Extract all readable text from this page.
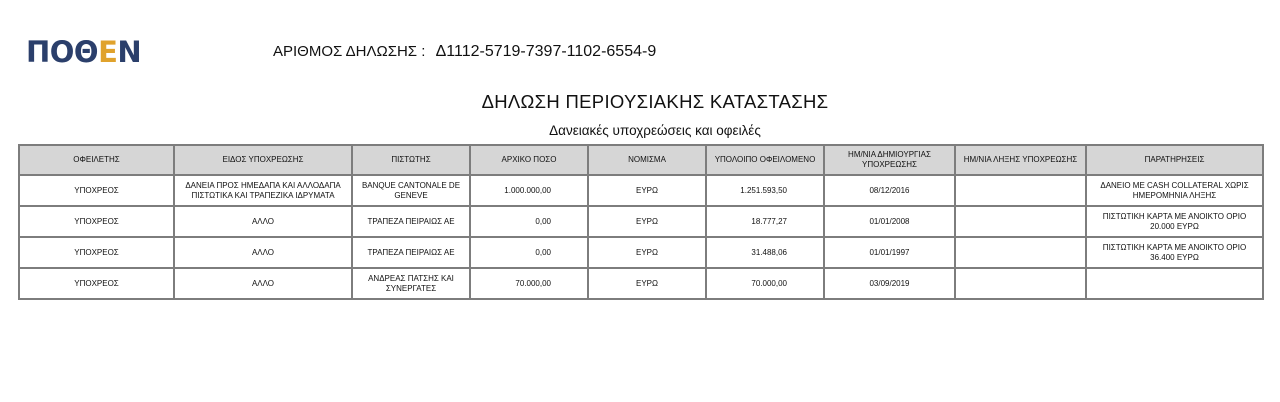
ΠΟΘΕΝ	ΑΡΙΘΜΟΣ ΔΗΛΩΣΗΣ : Δ1112-5719-7397-1102-6554-9
ΔΗΛΩΣΗ ΠΕΡΙΟΥΣΙΑΚΗΣ ΚΑΤΑΣΤΑΣΗΣ
Δανειακές υποχρεώσεις και οφειλές
ΟΦΕΙΛΕΤΗΣ	ΕΙΔΟΣ ΥΠΟΧΡΕΩΣΗΣ	ΠΙΣΤΩΤΗΣ	ΑΡΧΙΚΟ ΠΟΣΟ	ΝΟΜΙΣΜΑ	ΥΠΟΛΟΙΠΟ ΟΦΕΙΛΟΜΕΝΟ	ΗΜ/ΝΙΑ ΔΗΜΙΟΥΡΓΙΑΣ ΥΠΟΧΡΕΩΣΗΣ	ΗΜ/ΝΙΑ ΛΗΞΗΣ ΥΠΟΧΡΕΩΣΗΣ	ΠΑΡΑΤΗΡΗΣΕΙΣ
ΥΠΟΧΡΕΟΣ	ΔΑΝΕΙΑ ΠΡΟΣ ΗΜΕΔΑΠΑ ΚΑΙ ΑΛΛΟΔΑΠΑ ΠΙΣΤΩΤΙΚΑ ΚΑΙ ΤΡΑΠΕΖΙΚΑ ΙΔΡΥΜΑΤΑ	BANQUE CANTONALE DE GENEVE	1.000.000,00	ΕΥΡΩ	1.251.593,50	08/12/2016		ΔΑΝΕΙΟ ΜΕ CASH COLLATERAL ΧΩΡΙΣ ΗΜΕΡΟΜΗΝΙΑ ΛΗΞΗΣ
ΥΠΟΧΡΕΟΣ	ΑΛΛΟ	ΤΡΑΠΕΖΑ ΠΕΙΡΑΙΩΣ ΑΕ	0,00	ΕΥΡΩ	18.777,27	01/01/2008		ΠΙΣΤΩΤΙΚΗ ΚΑΡΤΑ ΜΕ ΑΝΟΙΚΤΟ ΟΡΙΟ 20.000 ΕΥΡΩ
ΥΠΟΧΡΕΟΣ	ΑΛΛΟ	ΤΡΑΠΕΖΑ ΠΕΙΡΑΙΩΣ ΑΕ	0,00	ΕΥΡΩ	31.488,06	01/01/1997		ΠΙΣΤΩΤΙΚΗ ΚΑΡΤΑ ΜΕ ΑΝΟΙΚΤΟ ΟΡΙΟ 36.400 ΕΥΡΩ
ΥΠΟΧΡΕΟΣ	ΑΛΛΟ	ΑΝΔΡΕΑΣ ΠΑΤΣΗΣ ΚΑΙ ΣΥΝΕΡΓΑΤΕΣ	70.000,00	ΕΥΡΩ	70.000,00	03/09/2019		
